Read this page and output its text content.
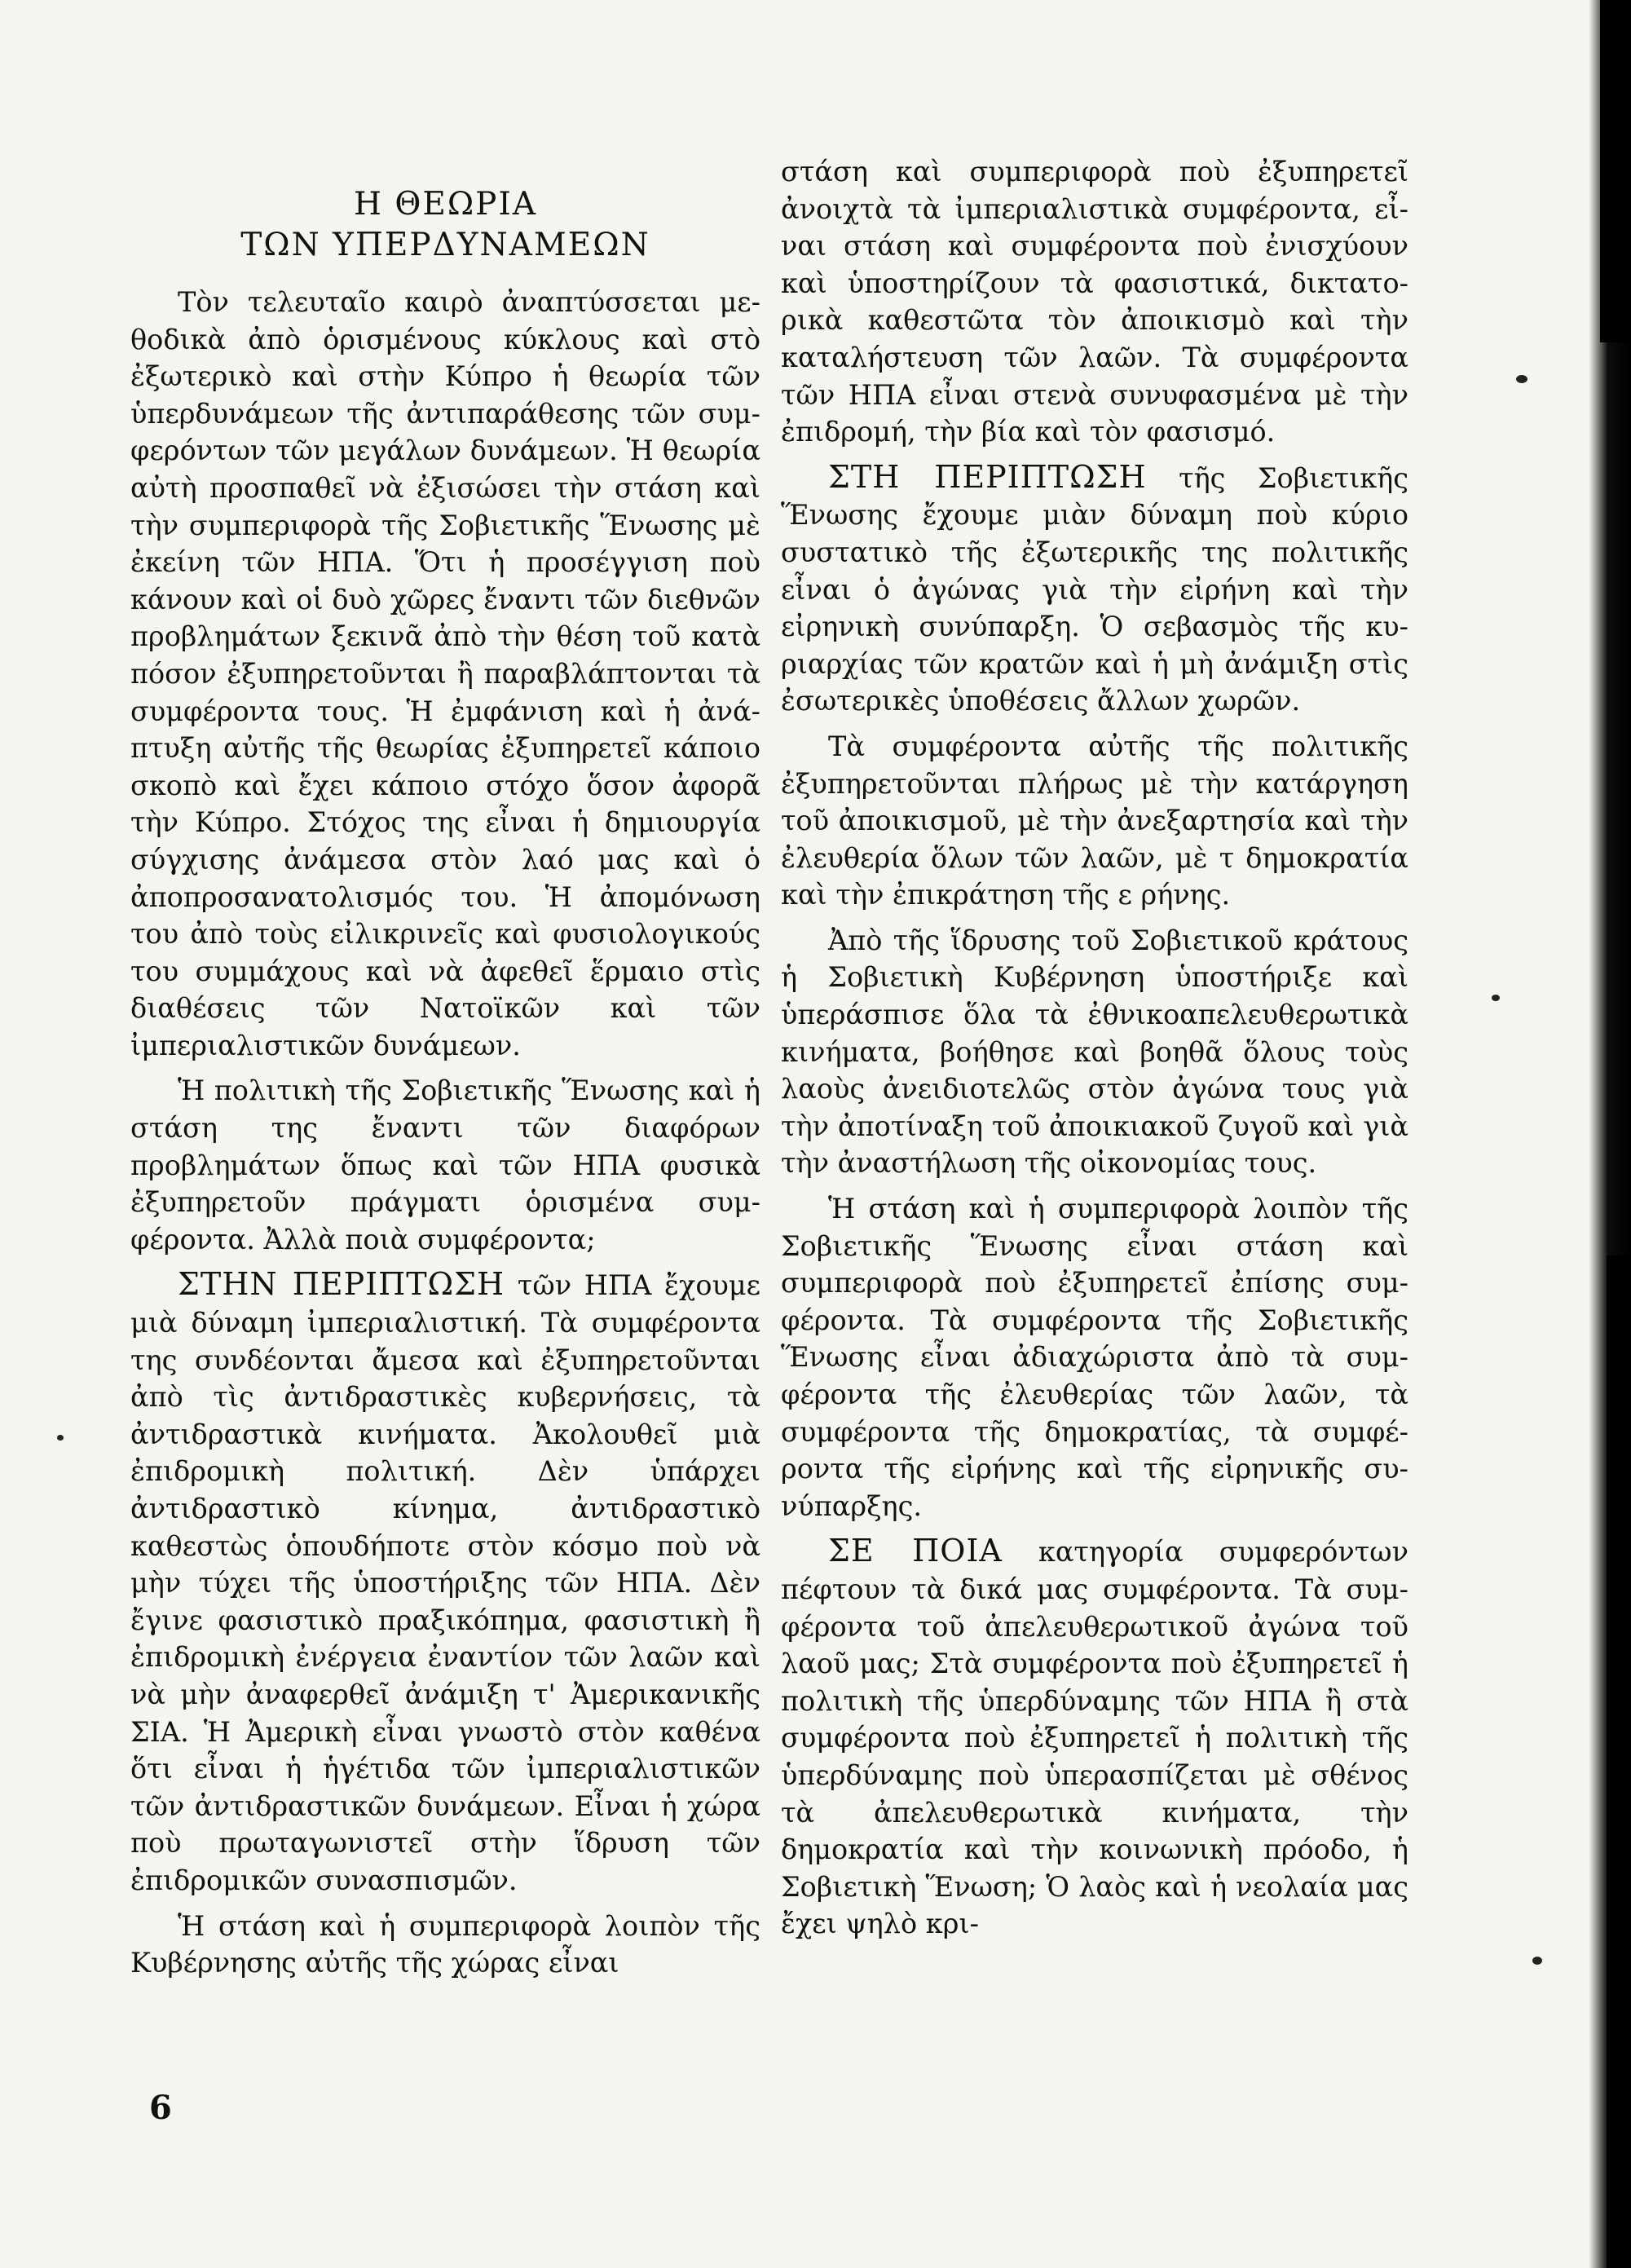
Η ΘΕΩΡΙΑ
ΤΩΝ ΥΠΕΡΔΥΝΑΜΕΩΝ

Τὸν τελευταῖο καιρὸ ἀναπτύσσεται μεθοδικὰ ἀπὸ ὁρισμένους κύκλους καὶ στὸ ἐξωτερικὸ καὶ στὴν Κύπρο ἡ θεωρία τῶν ὑπερδυνάμεων τῆς ἀντιπαράθεσης τῶν συμφερόντων τῶν μεγάλων δυνάμεων. Ἡ θεωρία αὐτὴ προσπαθεῖ νὰ ἐξισώσει τὴν στάση καὶ τὴν συμπεριφορὰ τῆς Σοβιετικῆς Ἕνωσης μὲ ἐκείνη τῶν ΗΠΑ. Ὅτι ἡ προσέγγιση ποὺ κάνουν καὶ οἱ δυὸ χῶρες ἔναντι τῶν διεθνῶν προβλημάτων ξεκινᾶ ἀπὸ τὴν θέση τοῦ κατὰ πόσον ἐξυπηρετοῦνται ἢ παραβλάπτονται τὰ συμφέροντα τους. Ἡ ἐμφάνιση καὶ ἡ ἀνάπτυξη αὐτῆς τῆς θεωρίας ἐξυπηρετεῖ κάποιο σκοπὸ καὶ ἔχει κάποιο στόχο ὅσον ἀφορᾶ τὴν Κύπρο. Στόχος της εἶναι ἡ δημιουργία σύγχισης ἀνάμεσα στὸν λαό μας καὶ ὁ ἀποπροσανατολισμός του. Ἡ ἀπομόνωση του ἀπὸ τοὺς εἰλικρινεῖς καὶ φυσιολογικούς του συμμάχους καὶ νὰ ἀφεθεῖ ἕρμαιο στὶς διαθέσεις τῶν Νατοϊκῶν καὶ τῶν ἰμπεριαλιστικῶν δυνάμεων.

Ἡ πολιτικὴ τῆς Σοβιετικῆς Ἕνωσης καὶ ἡ στάση της ἔναντι τῶν διαφόρων προβλημάτων ὅπως καὶ τῶν ΗΠΑ φυσικὰ ἐξυπηρετοῦν πράγματι ὁρισμένα συμφέροντα. Ἀλλὰ ποιὰ συμφέροντα;

ΣΤΗΝ ΠΕΡΙΠΤΩΣΗ τῶν ΗΠΑ ἔχουμε μιὰ δύναμη ἰμπεριαλιστική. Τὰ συμφέροντα της συνδέονται ἄμεσα καὶ ἐξυπηρετοῦνται ἀπὸ τὶς ἀντιδραστικὲς κυβερνήσεις, τὰ ἀντιδραστικὰ κινήματα. Ἀκολουθεῖ μιὰ ἐπιδρομικὴ πολιτική. Δὲν ὑπάρχει ἀντιδραστικὸ κίνημα, ἀντιδραστικὸ καθεστὼς ὁπουδήποτε στὸν κόσμο ποὺ νὰ μὴν τύχει τῆς ὑποστήριξης τῶν ΗΠΑ. Δὲν ἔγινε φασιστικὸ πραξικόπημα, φασιστικὴ ἢ ἐπιδρομικὴ ἐνέργεια ἐναντίον τῶν λαῶν καὶ νὰ μὴν ἀναφερθεῖ ἀνάμιξη τ' Ἀμερικανικῆς ΣΙΑ. Ἡ Ἀμερικὴ εἶναι γνωστὸ στὸν καθένα ὅτι εἶναι ἡ ἡγέτιδα τῶν ἰμπεριαλιστικῶν τῶν ἀντιδραστικῶν δυνάμεων. Εἶναι ἡ χώρα ποὺ πρωταγωνιστεῖ στὴν ἵδρυση τῶν ἐπιδρομικῶν συνασπισμῶν.

Ἡ στάση καὶ ἡ συμπεριφορὰ λοιπὸν τῆς Κυβέρνησης αὐτῆς τῆς χώρας εἶναι

στάση καὶ συμπεριφορὰ ποὺ ἐξυπηρετεῖ ἀνοιχτὰ τὰ ἰμπεριαλιστικὰ συμφέροντα, εἶναι στάση καὶ συμφέροντα ποὺ ἐνισχύουν καὶ ὑποστηρίζουν τὰ φασιστικά, δικτατορικὰ καθεστῶτα τὸν ἀποικισμὸ καὶ τὴν καταλήστευση τῶν λαῶν. Τὰ συμφέροντα τῶν ΗΠΑ εἶναι στενὰ συνυφασμένα μὲ τὴν ἐπιδρομή, τὴν βία καὶ τὸν φασισμό.

ΣΤΗ ΠΕΡΙΠΤΩΣΗ τῆς Σοβιετικῆς Ἕνωσης ἔχουμε μιὰν δύναμη ποὺ κύριο συστατικὸ τῆς ἐξωτερικῆς της πολιτικῆς εἶναι ὁ ἀγώνας γιὰ τὴν εἰρήνη καὶ τὴν εἰρηνικὴ συνύπαρξη. Ὁ σεβασμὸς τῆς κυριαρχίας τῶν κρατῶν καὶ ἡ μὴ ἀνάμιξη στὶς ἐσωτερικὲς ὑποθέσεις ἄλλων χωρῶν.

Τὰ συμφέροντα αὐτῆς τῆς πολιτικῆς ἐξυπηρετοῦνται πλήρως μὲ τὴν κατάργηση τοῦ ἀποικισμοῦ, μὲ τὴν ἀνεξαρτησία καὶ τὴν ἐλευθερία ὅλων τῶν λαῶν, μὲ τ δημοκρατία καὶ τὴν ἐπικράτηση τῆς ε ρήνης.

Ἀπὸ τῆς ἵδρυσης τοῦ Σοβιετικοῦ κράτους ἡ Σοβιετικὴ Κυβέρνηση ὑποστήριξε καὶ ὑπεράσπισε ὅλα τὰ ἐθνικοαπελευθερωτικὰ κινήματα, βοήθησε καὶ βοηθᾶ ὅλους τοὺς λαοὺς ἀνειδιοτελῶς στὸν ἀγώνα τους γιὰ τὴν ἀποτίναξη τοῦ ἀποικιακοῦ ζυγοῦ καὶ γιὰ τὴν ἀναστήλωση τῆς οἰκονομίας τους.

Ἡ στάση καὶ ἡ συμπεριφορὰ λοιπὸν τῆς Σοβιετικῆς Ἕνωσης εἶναι στάση καὶ συμπεριφορὰ ποὺ ἐξυπηρετεῖ ἐπίσης συμφέροντα. Τὰ συμφέροντα τῆς Σοβιετικῆς Ἕνωσης εἶναι ἀδιαχώριστα ἀπὸ τὰ συμφέροντα τῆς ἐλευθερίας τῶν λαῶν, τὰ συμφέροντα τῆς δημοκρατίας, τὰ συμφέροντα τῆς εἰρήνης καὶ τῆς εἰρηνικῆς συνύπαρξης.

ΣΕ ΠΟΙΑ κατηγορία συμφερόντων πέφτουν τὰ δικά μας συμφέροντα. Τὰ συμφέροντα τοῦ ἀπελευθερωτικοῦ ἀγώνα τοῦ λαοῦ μας; Στὰ συμφέροντα ποὺ ἐξυπηρετεῖ ἡ πολιτικὴ τῆς ὑπερδύναμης τῶν ΗΠΑ ἢ στὰ συμφέροντα ποὺ ἐξυπηρετεῖ ἡ πολιτικὴ τῆς ὑπερδύναμης ποὺ ὑπερασπίζεται μὲ σθένος τὰ ἀπελευθερωτικὰ κινήματα, τὴν δημοκρατία καὶ τὴν κοινωνικὴ πρόοδο, ἡ Σοβιετικὴ Ἕνωση; Ὁ λαὸς καὶ ἡ νεολαία μας ἔχει ψηλὸ κρι-

6
